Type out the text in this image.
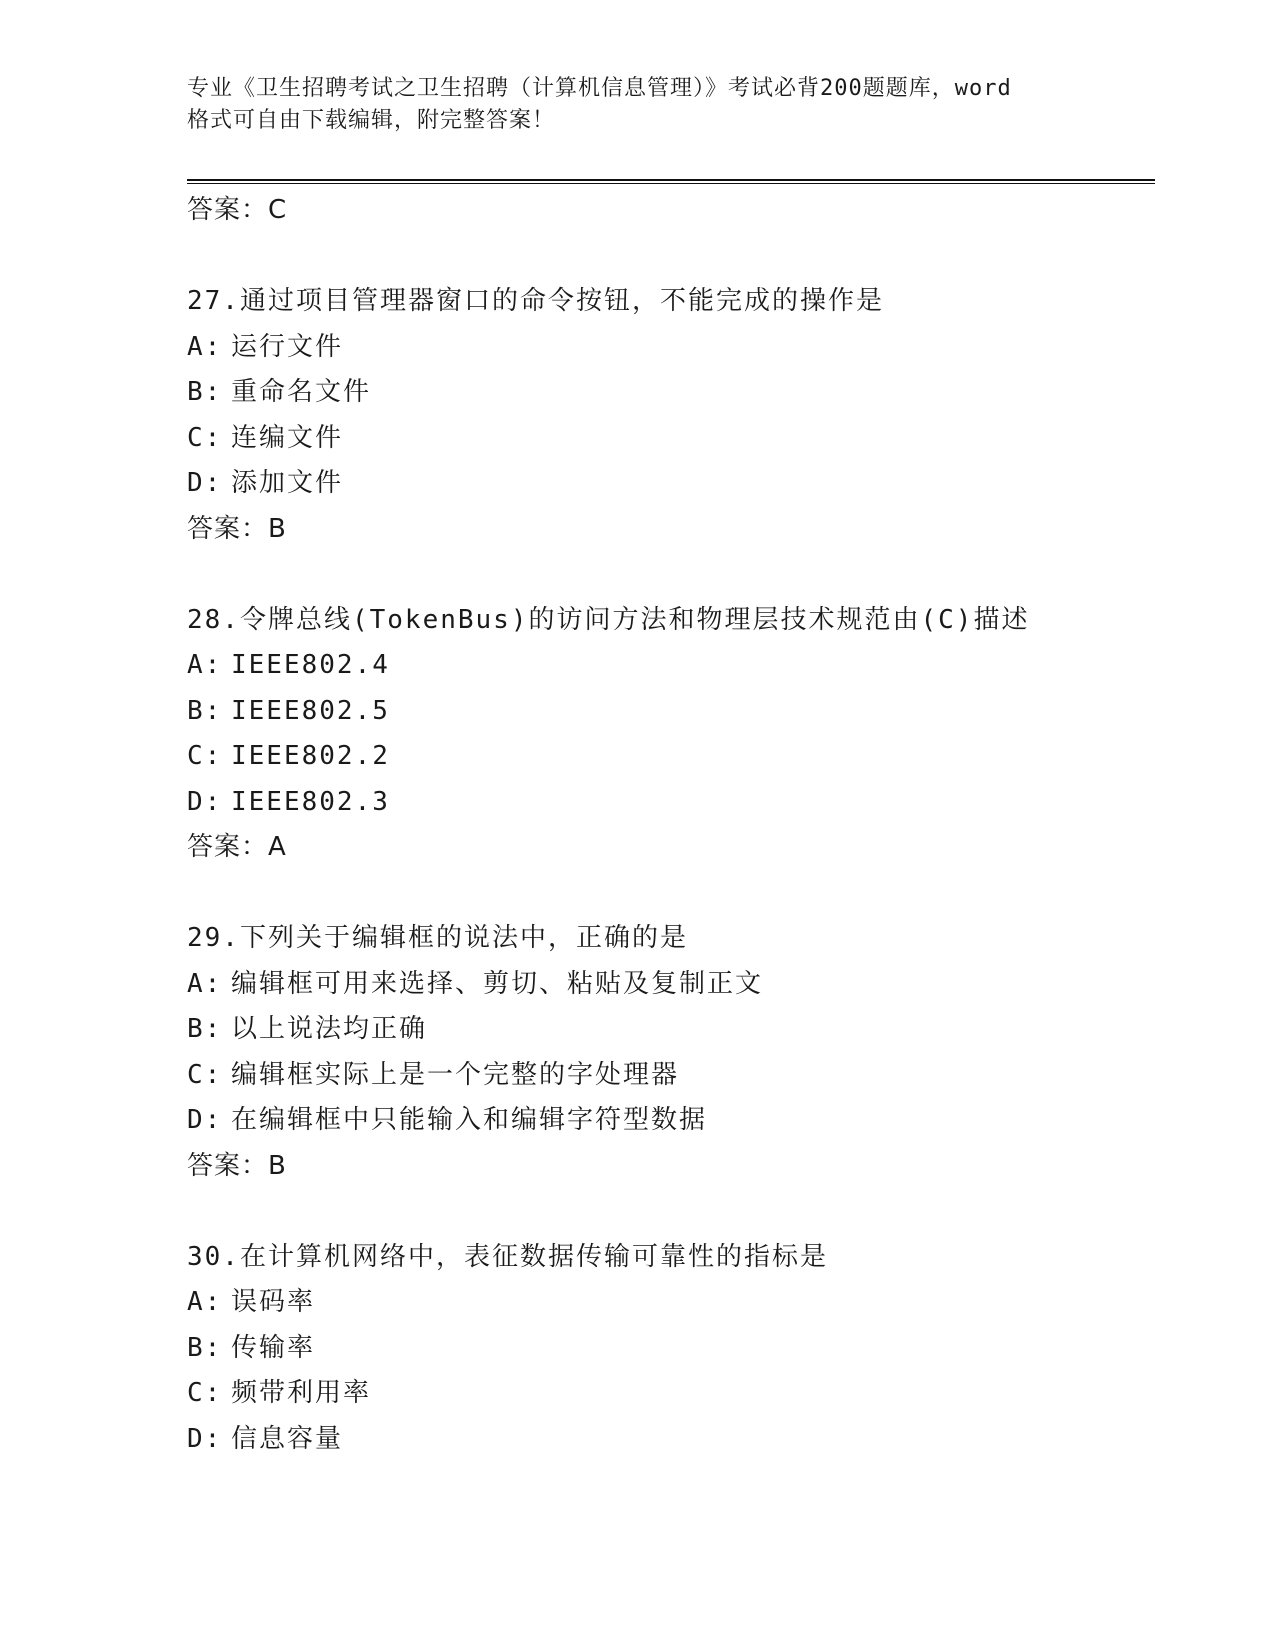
专业《卫生招聘考试之卫生招聘（计算机信息管理）》考试必背200题题库，word
格式可自由下载编辑，附完整答案！
答案：C
27.通过项目管理器窗口的命令按钮，不能完成的操作是
A: 运行文件
B: 重命名文件
C: 连编文件
D: 添加文件
答案：B
28.令牌总线(TokenBus)的访问方法和物理层技术规范由(C)描述
A: IEEE802.4
B: IEEE802.5
C: IEEE802.2
D: IEEE802.3
答案：A
29.下列关于编辑框的说法中，正确的是
A: 编辑框可用来选择、剪切、粘贴及复制正文
B: 以上说法均正确
C: 编辑框实际上是一个完整的字处理器
D: 在编辑框中只能输入和编辑字符型数据
答案：B
30.在计算机网络中，表征数据传输可靠性的指标是
A: 误码率
B: 传输率
C: 频带利用率
D: 信息容量
